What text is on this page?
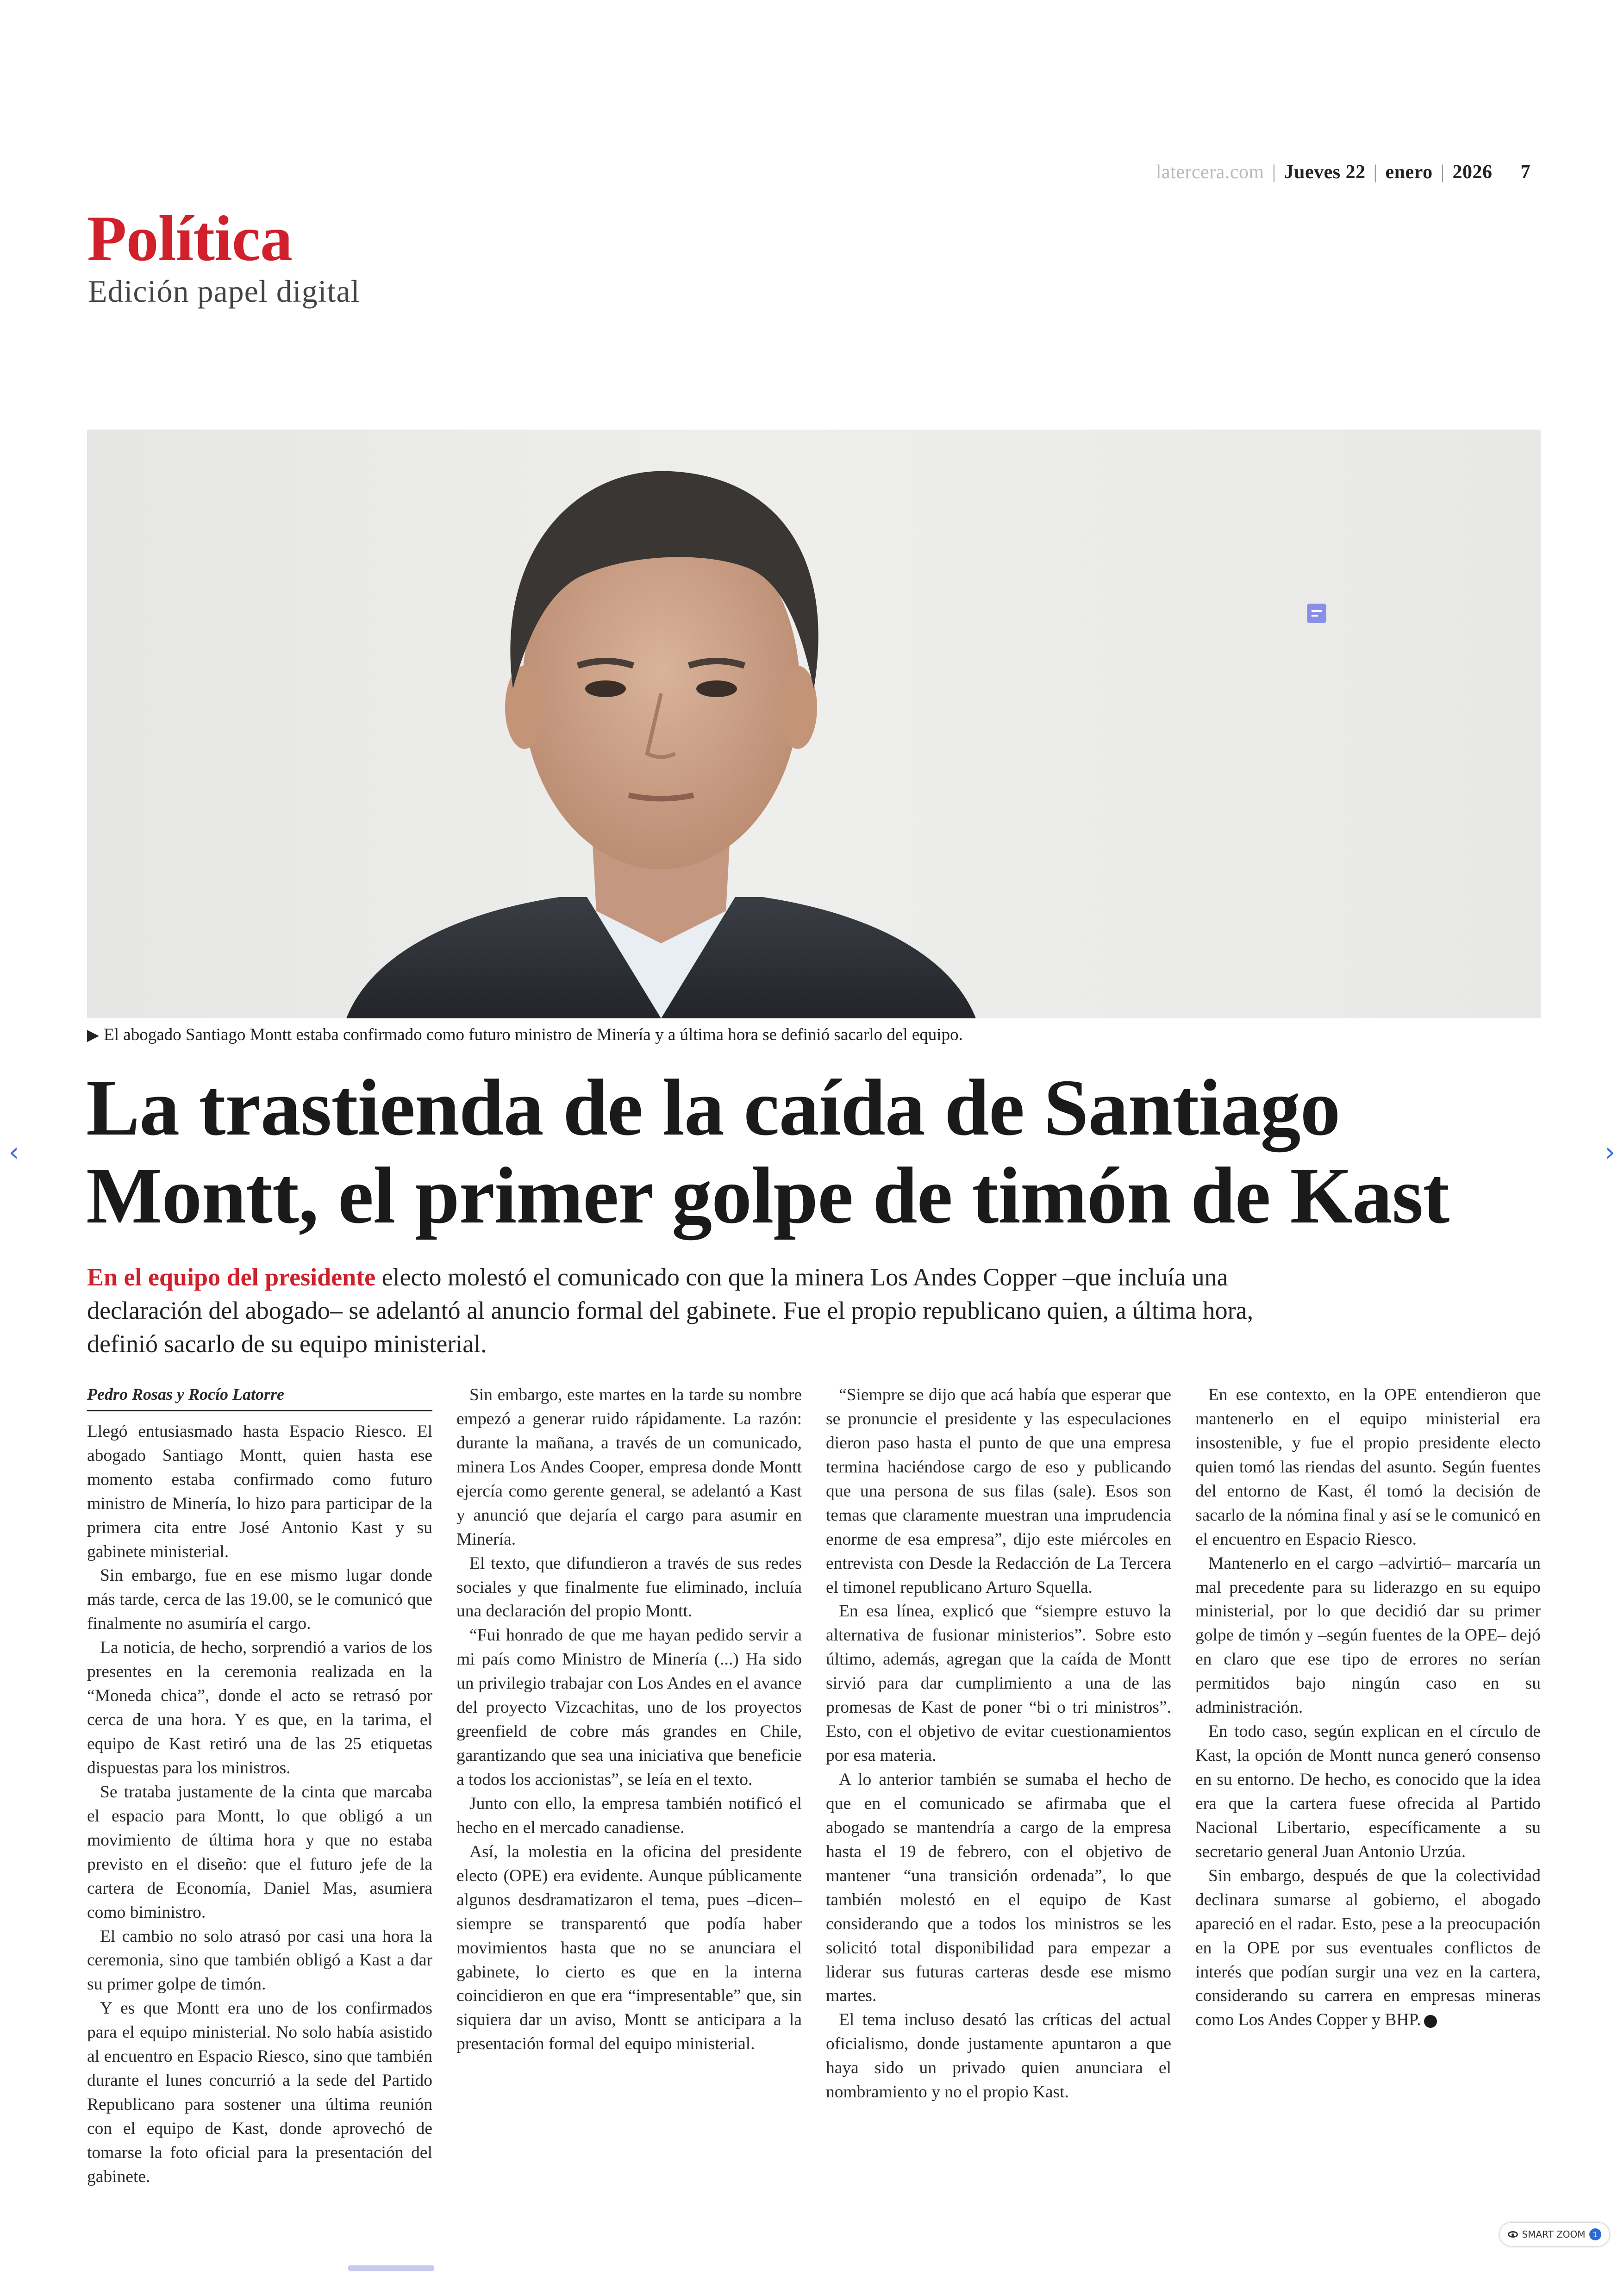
latercera.com | Jueves 22 | enero | 2026 7
Política
Edición papel digital
▶ El abogado Santiago Montt estaba confirmado como futuro ministro de Minería y a última hora se definió sacarlo del equipo.
La trastienda de la caída de Santiago Montt, el primer golpe de timón de Kast

En el equipo del presidente electo molestó el comunicado con que la minera Los Andes Copper –que incluía una declaración del abogado– se adelantó al anuncio formal del gabinete. Fue el propio republicano quien, a última hora, definió sacarlo de su equipo ministerial.

Pedro Rosas y Rocío Latorre

Llegó entusiasmado hasta Espacio Riesco. El abogado Santiago Montt, quien hasta ese momento estaba confirmado como futuro ministro de Minería, lo hizo para participar de la primera cita entre José Antonio Kast y su gabinete ministerial.

Sin embargo, fue en ese mismo lugar donde más tarde, cerca de las 19.00, se le comunicó que finalmente no asumiría el cargo.

La noticia, de hecho, sorprendió a varios de los presentes en la ceremonia realizada en la “Moneda chica”, donde el acto se retrasó por cerca de una hora. Y es que, en la tarima, el equipo de Kast retiró una de las 25 etiquetas dispuestas para los ministros.

Se trataba justamente de la cinta que marcaba el espacio para Montt, lo que obligó a un movimiento de última hora y que no estaba previsto en el diseño: que el futuro jefe de la cartera de Economía, Daniel Mas, asumiera como biministro.

El cambio no solo atrasó por casi una hora la ceremonia, sino que también obligó a Kast a dar su primer golpe de timón.

Y es que Montt era uno de los confirmados para el equipo ministerial. No solo había asistido al encuentro en Espacio Riesco, sino que también durante el lunes concurrió a la sede del Partido Republicano para sostener una última reunión con el equipo de Kast, donde aprovechó de tomarse la foto oficial para la presentación del gabinete.

Sin embargo, este martes en la tarde su nombre empezó a generar ruido rápidamente. La razón: durante la mañana, a través de un comunicado, minera Los Andes Cooper, empresa donde Montt ejercía como gerente general, se adelantó a Kast y anunció que dejaría el cargo para asumir en Minería.

El texto, que difundieron a través de sus redes sociales y que finalmente fue eliminado, incluía una declaración del propio Montt.

“Fui honrado de que me hayan pedido servir a mi país como Ministro de Minería (...) Ha sido un privilegio trabajar con Los Andes en el avance del proyecto Vizcachitas, uno de los proyectos greenfield de cobre más grandes en Chile, garantizando que sea una iniciativa que beneficie a todos los accionistas”, se leía en el texto.

Junto con ello, la empresa también notificó el hecho en el mercado canadiense.

Así, la molestia en la oficina del presidente electo (OPE) era evidente. Aunque públicamente algunos desdramatizaron el tema, pues –dicen– siempre se transparentó que podía haber movimientos hasta que no se anunciara el gabinete, lo cierto es que en la interna coincidieron en que era “impresentable” que, sin siquiera dar un aviso, Montt se anticipara a la presentación formal del equipo ministerial.

“Siempre se dijo que acá había que esperar que se pronuncie el presidente y las especulaciones dieron paso hasta el punto de que una empresa termina haciéndose cargo de eso y publicando que una persona de sus filas (sale). Esos son temas que claramente muestran una imprudencia enorme de esa empresa”, dijo este miércoles en entrevista con Desde la Redacción de La Tercera el timonel republicano Arturo Squella.

En esa línea, explicó que “siempre estuvo la alternativa de fusionar ministerios”. Sobre esto último, además, agregan que la caída de Montt sirvió para dar cumplimiento a una de las promesas de Kast de poner “bi o tri ministros”. Esto, con el objetivo de evitar cuestionamientos por esa materia.

A lo anterior también se sumaba el hecho de que en el comunicado se afirmaba que el abogado se mantendría a cargo de la empresa hasta el 19 de febrero, con el objetivo de mantener “una transición ordenada”, lo que también molestó en el equipo de Kast considerando que a todos los ministros se les solicitó total disponibilidad para empezar a liderar sus futuras carteras desde ese mismo martes.

El tema incluso desató las críticas del actual oficialismo, donde justamente apuntaron a que haya sido un privado quien anunciara el nombramiento y no el propio Kast.

En ese contexto, en la OPE entendieron que mantenerlo en el equipo ministerial era insostenible, y fue el propio presidente electo quien tomó las riendas del asunto. Según fuentes del entorno de Kast, él tomó la decisión de sacarlo de la nómina final y así se le comunicó en el encuentro en Espacio Riesco.

Mantenerlo en el cargo –advirtió– marcaría un mal precedente para su liderazgo en su equipo ministerial, por lo que decidió dar su primer golpe de timón y –según fuentes de la OPE– dejó en claro que ese tipo de errores no serían permitidos bajo ningún caso en su administración.

En todo caso, según explican en el círculo de Kast, la opción de Montt nunca generó consenso en su entorno. De hecho, es conocido que la idea era que la cartera fuese ofrecida al Partido Nacional Libertario, específicamente a su secretario general Juan Antonio Urzúa.

Sin embargo, después de que la colectividad declinara sumarse al gobierno, el abogado apareció en el radar. Esto, pese a la preocupación en la OPE por sus eventuales conflictos de interés que podían surgir una vez en la cartera, considerando su carrera en empresas mineras como Los Andes Copper y BHP.

‹	›
SMART ZOOM 1
